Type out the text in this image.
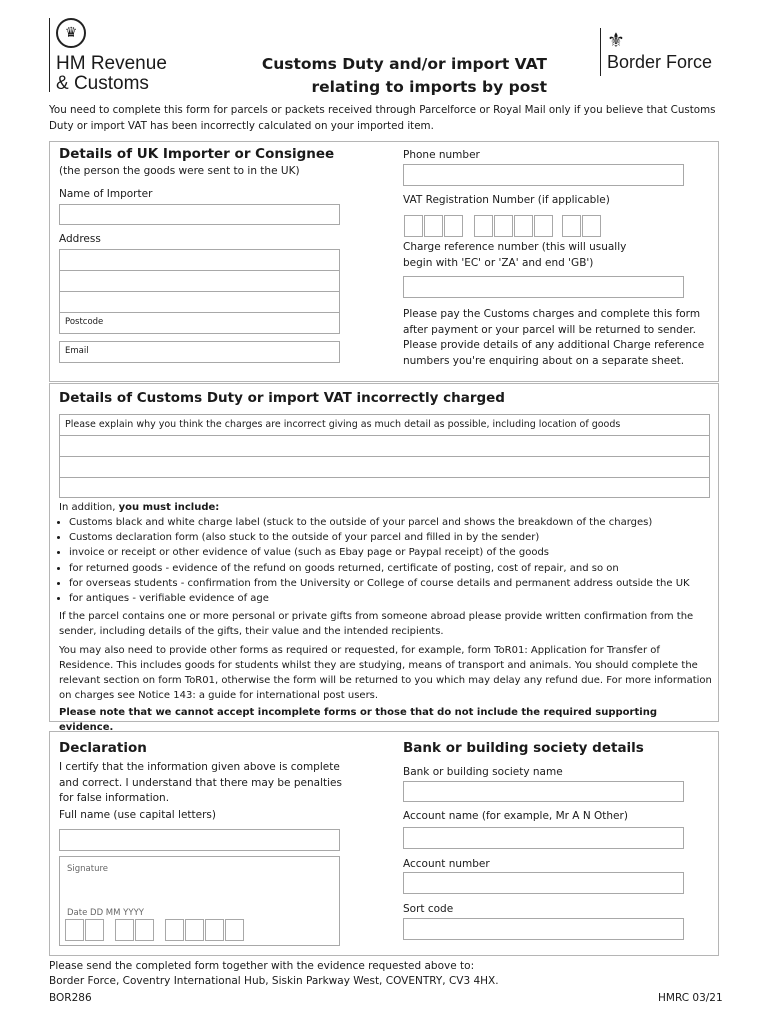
♛
HM Revenue
& Customs
Customs Duty and/or import VAT
relating to imports by post
⚜
Border Force
You need to complete this form for parcels or packets received through Parcelforce or Royal Mail only if you believe that Customs Duty or import VAT has been incorrectly calculated on your imported item.
Details of UK Importer or Consignee
(the person the goods were sent to in the UK)
Name of Importer
Address
Postcode
Email
Phone number
VAT Registration Number (if applicable)
Charge reference number (this will usually begin with 'EC' or 'ZA' and end 'GB')
Please pay the Customs charges and complete this form after payment or your parcel will be returned to sender. Please provide details of any additional Charge reference numbers you're enquiring about on a separate sheet.
Details of Customs Duty or import VAT incorrectly charged
Please explain why you think the charges are incorrect giving as much detail as possible, including location of goods
In addition, you must include:
• Customs black and white charge label (stuck to the outside of your parcel and shows the breakdown of the charges)
• Customs declaration form (also stuck to the outside of your parcel and filled in by the sender)
• invoice or receipt or other evidence of value (such as Ebay page or Paypal receipt) of the goods
• for returned goods - evidence of the refund on goods returned, certificate of posting, cost of repair, and so on
• for overseas students - confirmation from the University or College of course details and permanent address outside the UK
• for antiques - verifiable evidence of age
If the parcel contains one or more personal or private gifts from someone abroad please provide written confirmation from the sender, including details of the gifts, their value and the intended recipients.
You may also need to provide other forms as required or requested, for example, form ToR01: Application for Transfer of Residence. This includes goods for students whilst they are studying, means of transport and animals. You should complete the relevant section on form ToR01, otherwise the form will be returned to you which may delay any refund due. For more information on charges see Notice 143: a guide for international post users.
Please note that we cannot accept incomplete forms or those that do not include the required supporting evidence.
Declaration
I certify that the information given above is complete and correct. I understand that there may be penalties for false information.
Full name (use capital letters)
Signature
Date DD MM YYYY
Bank or building society details
Bank or building society name
Account name (for example, Mr A N Other)
Account number
Sort code
Please send the completed form together with the evidence requested above to:
Border Force, Coventry International Hub, Siskin Parkway West, COVENTRY, CV3 4HX.
BOR286	HMRC 03/21
